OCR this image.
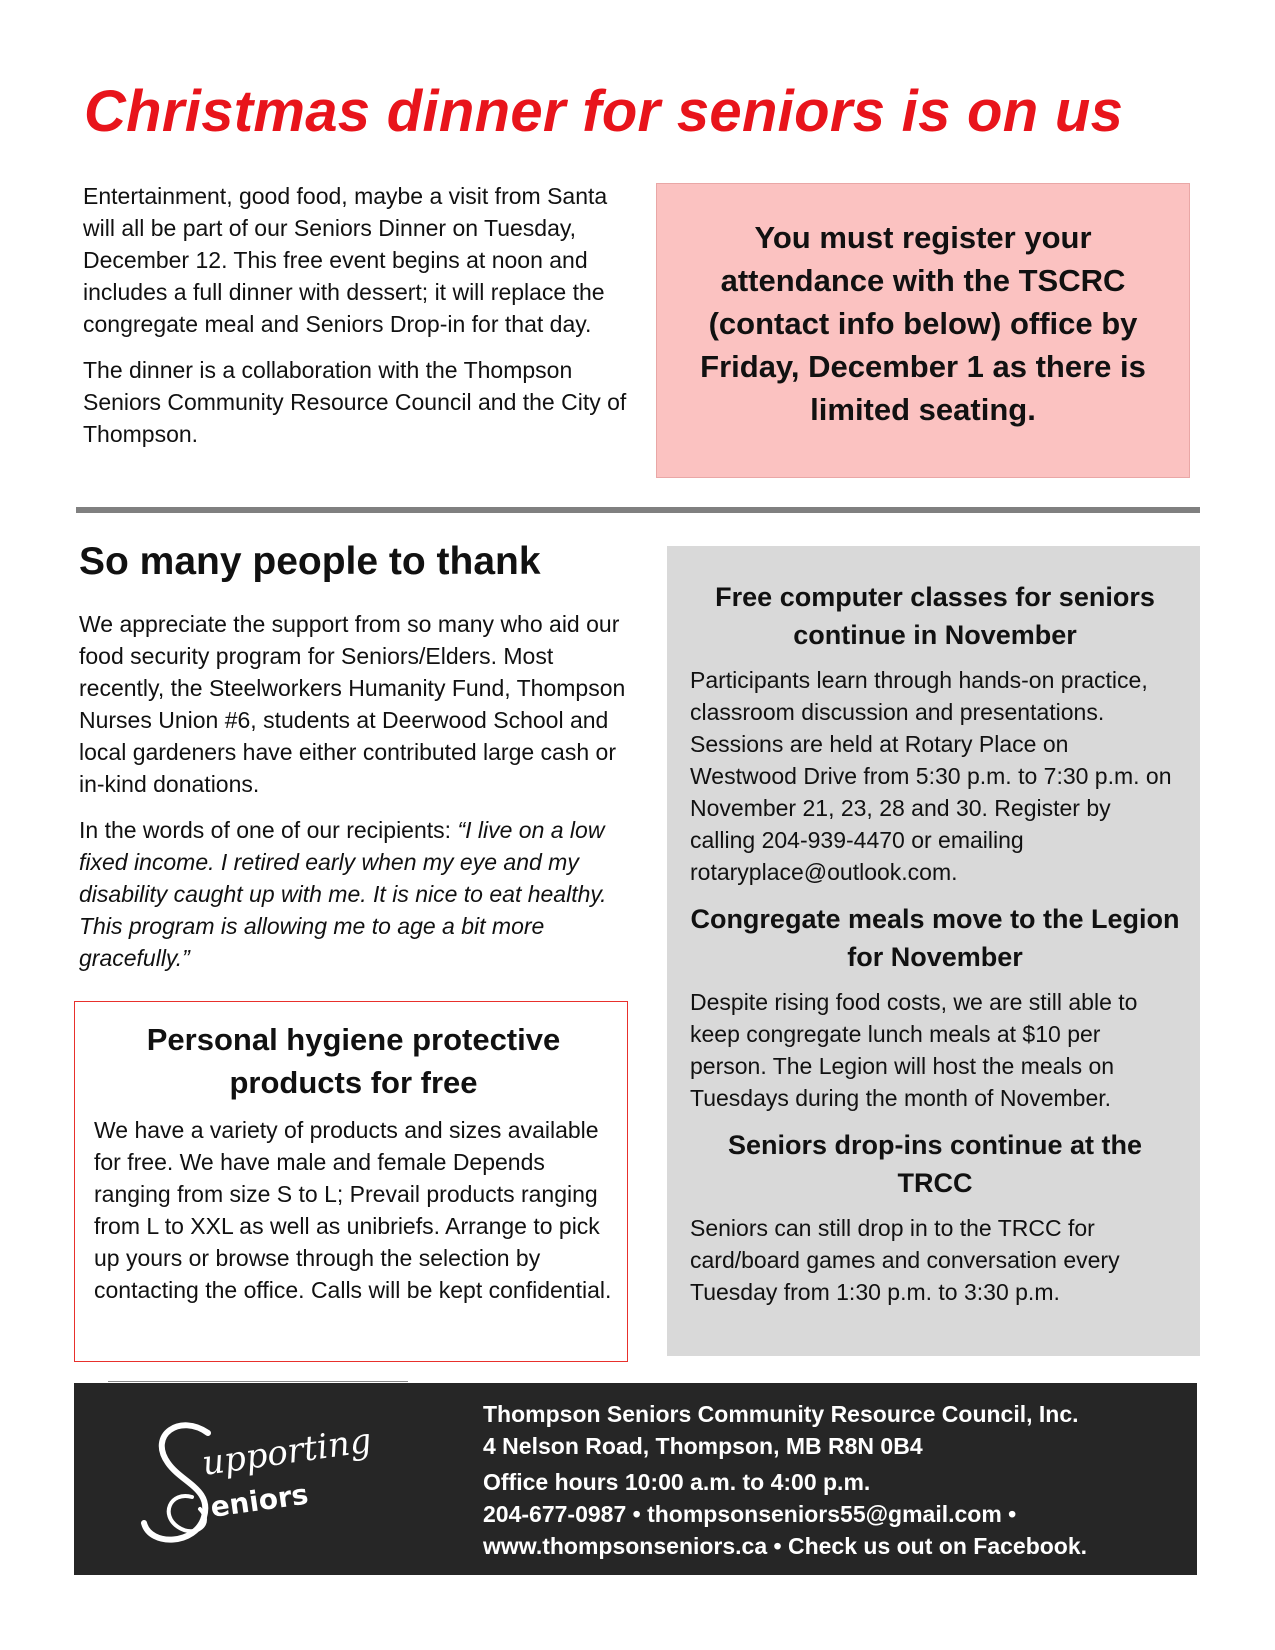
Christmas dinner for seniors is on us

Entertainment, good food, maybe a visit from Santa will all be part of our Seniors Dinner on Tuesday, December 12. This free event begins at noon and includes a full dinner with dessert; it will replace the congregate meal and Seniors Drop-in for that day.

The dinner is a collaboration with the Thompson Seniors Community Resource Council and the City of Thompson.

You must register your attendance with the TSCRC (contact info below) office by Friday, December 1 as there is limited seating.

So many people to thank

We appreciate the support from so many who aid our food security program for Seniors/Elders. Most recently, the Steelworkers Humanity Fund, Thompson Nurses Union #6, students at Deerwood School and local gardeners have either contributed large cash or in-kind donations.

In the words of one of our recipients: “I live on a low fixed income. I retired early when my eye and my disability caught up with me. It is nice to eat healthy. This program is allowing me to age a bit more gracefully.”

Personal hygiene protective products for free

We have a variety of products and sizes available for free. We have male and female Depends ranging from size S to L; Prevail products ranging from L to XXL as well as unibriefs. Arrange to pick up yours or browse through the selection by contacting the office. Calls will be kept confidential.

Free computer classes for seniors continue in November

Participants learn through hands-on practice, classroom discussion and presentations. Sessions are held at Rotary Place on Westwood Drive from 5:30 p.m. to 7:30 p.m. on November 21, 23, 28 and 30. Register by calling 204-939-4470 or emailing rotaryplace@outlook.com.

Congregate meals move to the Legion for November

Despite rising food costs, we are still able to keep congregate lunch meals at $10 per person. The Legion will host the meals on Tuesdays during the month of November.

Seniors drop-ins continue at the TRCC

Seniors can still drop in to the TRCC for card/board games and conversation every Tuesday from 1:30 p.m. to 3:30 p.m.

upporting
eniors
Thompson Seniors Community Resource Council, Inc.
4 Nelson Road, Thompson, MB R8N 0B4
Office hours 10:00 a.m. to 4:00 p.m.
204-677-0987 • thompsonseniors55@gmail.com •
www.thompsonseniors.ca • Check us out on Facebook.
